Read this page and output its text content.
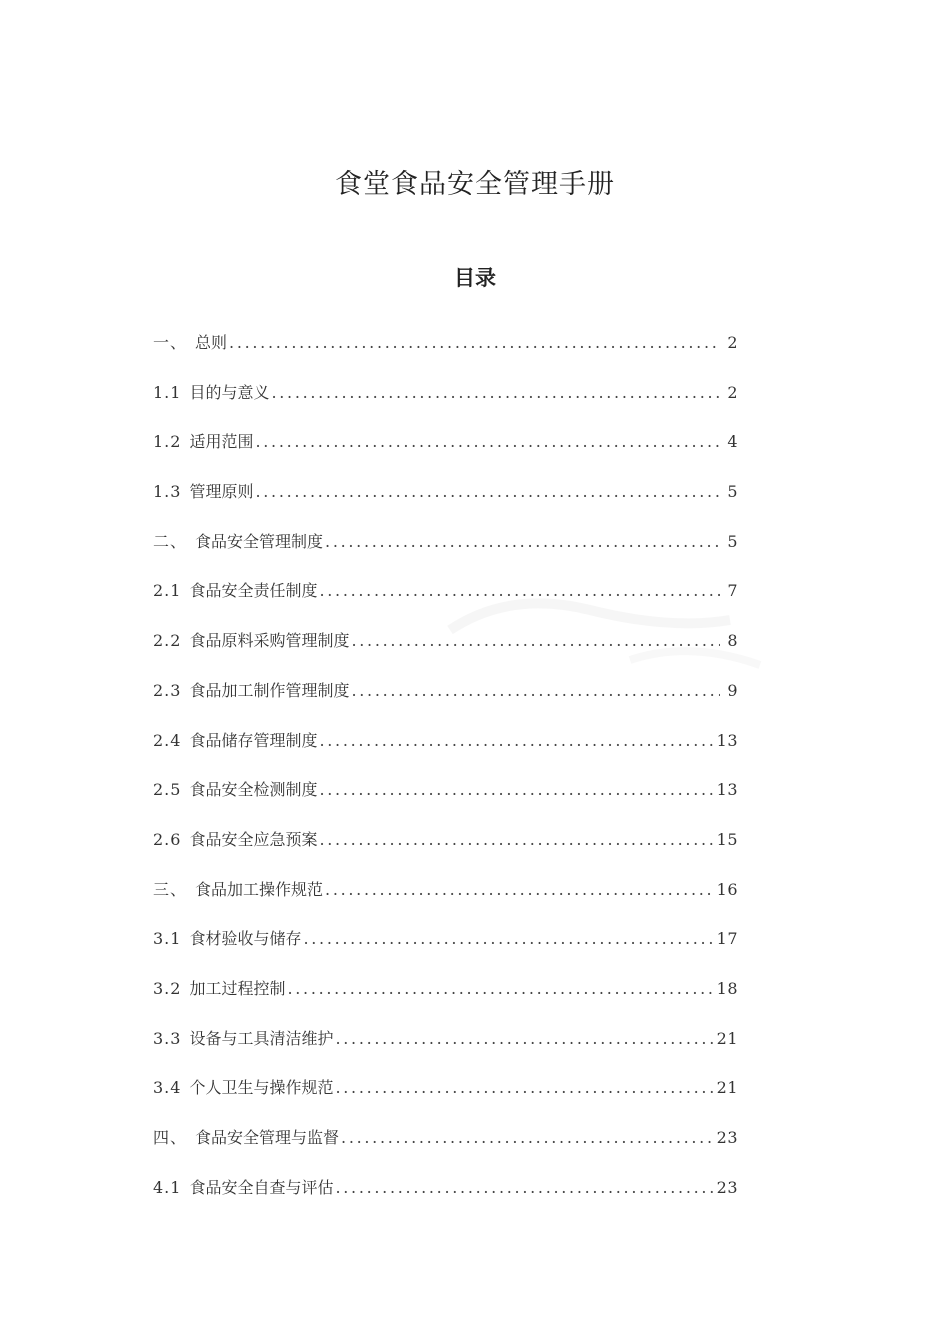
食堂食品安全管理手册
目录
一、 总则 .....	2
1.1 目的与意义 .....	2
1.2 适用范围 .....	4
1.3 管理原则 .....	5
二、 食品安全管理制度 .....	5
2.1 食品安全责任制度 .....	7
2.2 食品原料采购管理制度 .....	8
2.3 食品加工制作管理制度 .....	9
2.4 食品储存管理制度 .....	13
2.5 食品安全检测制度 .....	13
2.6 食品安全应急预案 .....	15
三、 食品加工操作规范 .....	16
3.1 食材验收与储存 .....	17
3.2 加工过程控制 .....	18
3.3 设备与工具清洁维护 .....	21
3.4 个人卫生与操作规范 .....	21
四、 食品安全管理与监督 .....	23
4.1 食品安全自查与评估 .....	23
